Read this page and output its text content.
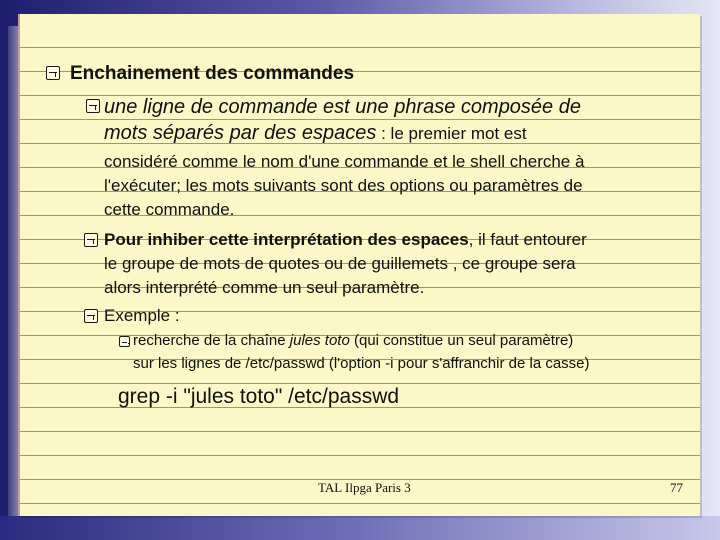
Enchainement des commandes
une ligne de commande est une phrase composée de
mots séparés par des espaces : le premier mot est
considéré comme le nom d'une commande et le shell cherche à
l'exécuter; les mots suivants sont des options ou paramètres de
cette commande.
Pour inhiber cette interprétation des espaces, il faut entourer
le groupe de mots de quotes ou de guillemets , ce groupe sera
alors interprété comme un seul paramètre.
Exemple :
recherche de la chaîne jules toto (qui constitue un seul paramètre)
sur les lignes de /etc/passwd (l'option -i pour s'affranchir de la casse)
grep -i "jules toto" /etc/passwd
TAL Ilpga Paris 3	77
